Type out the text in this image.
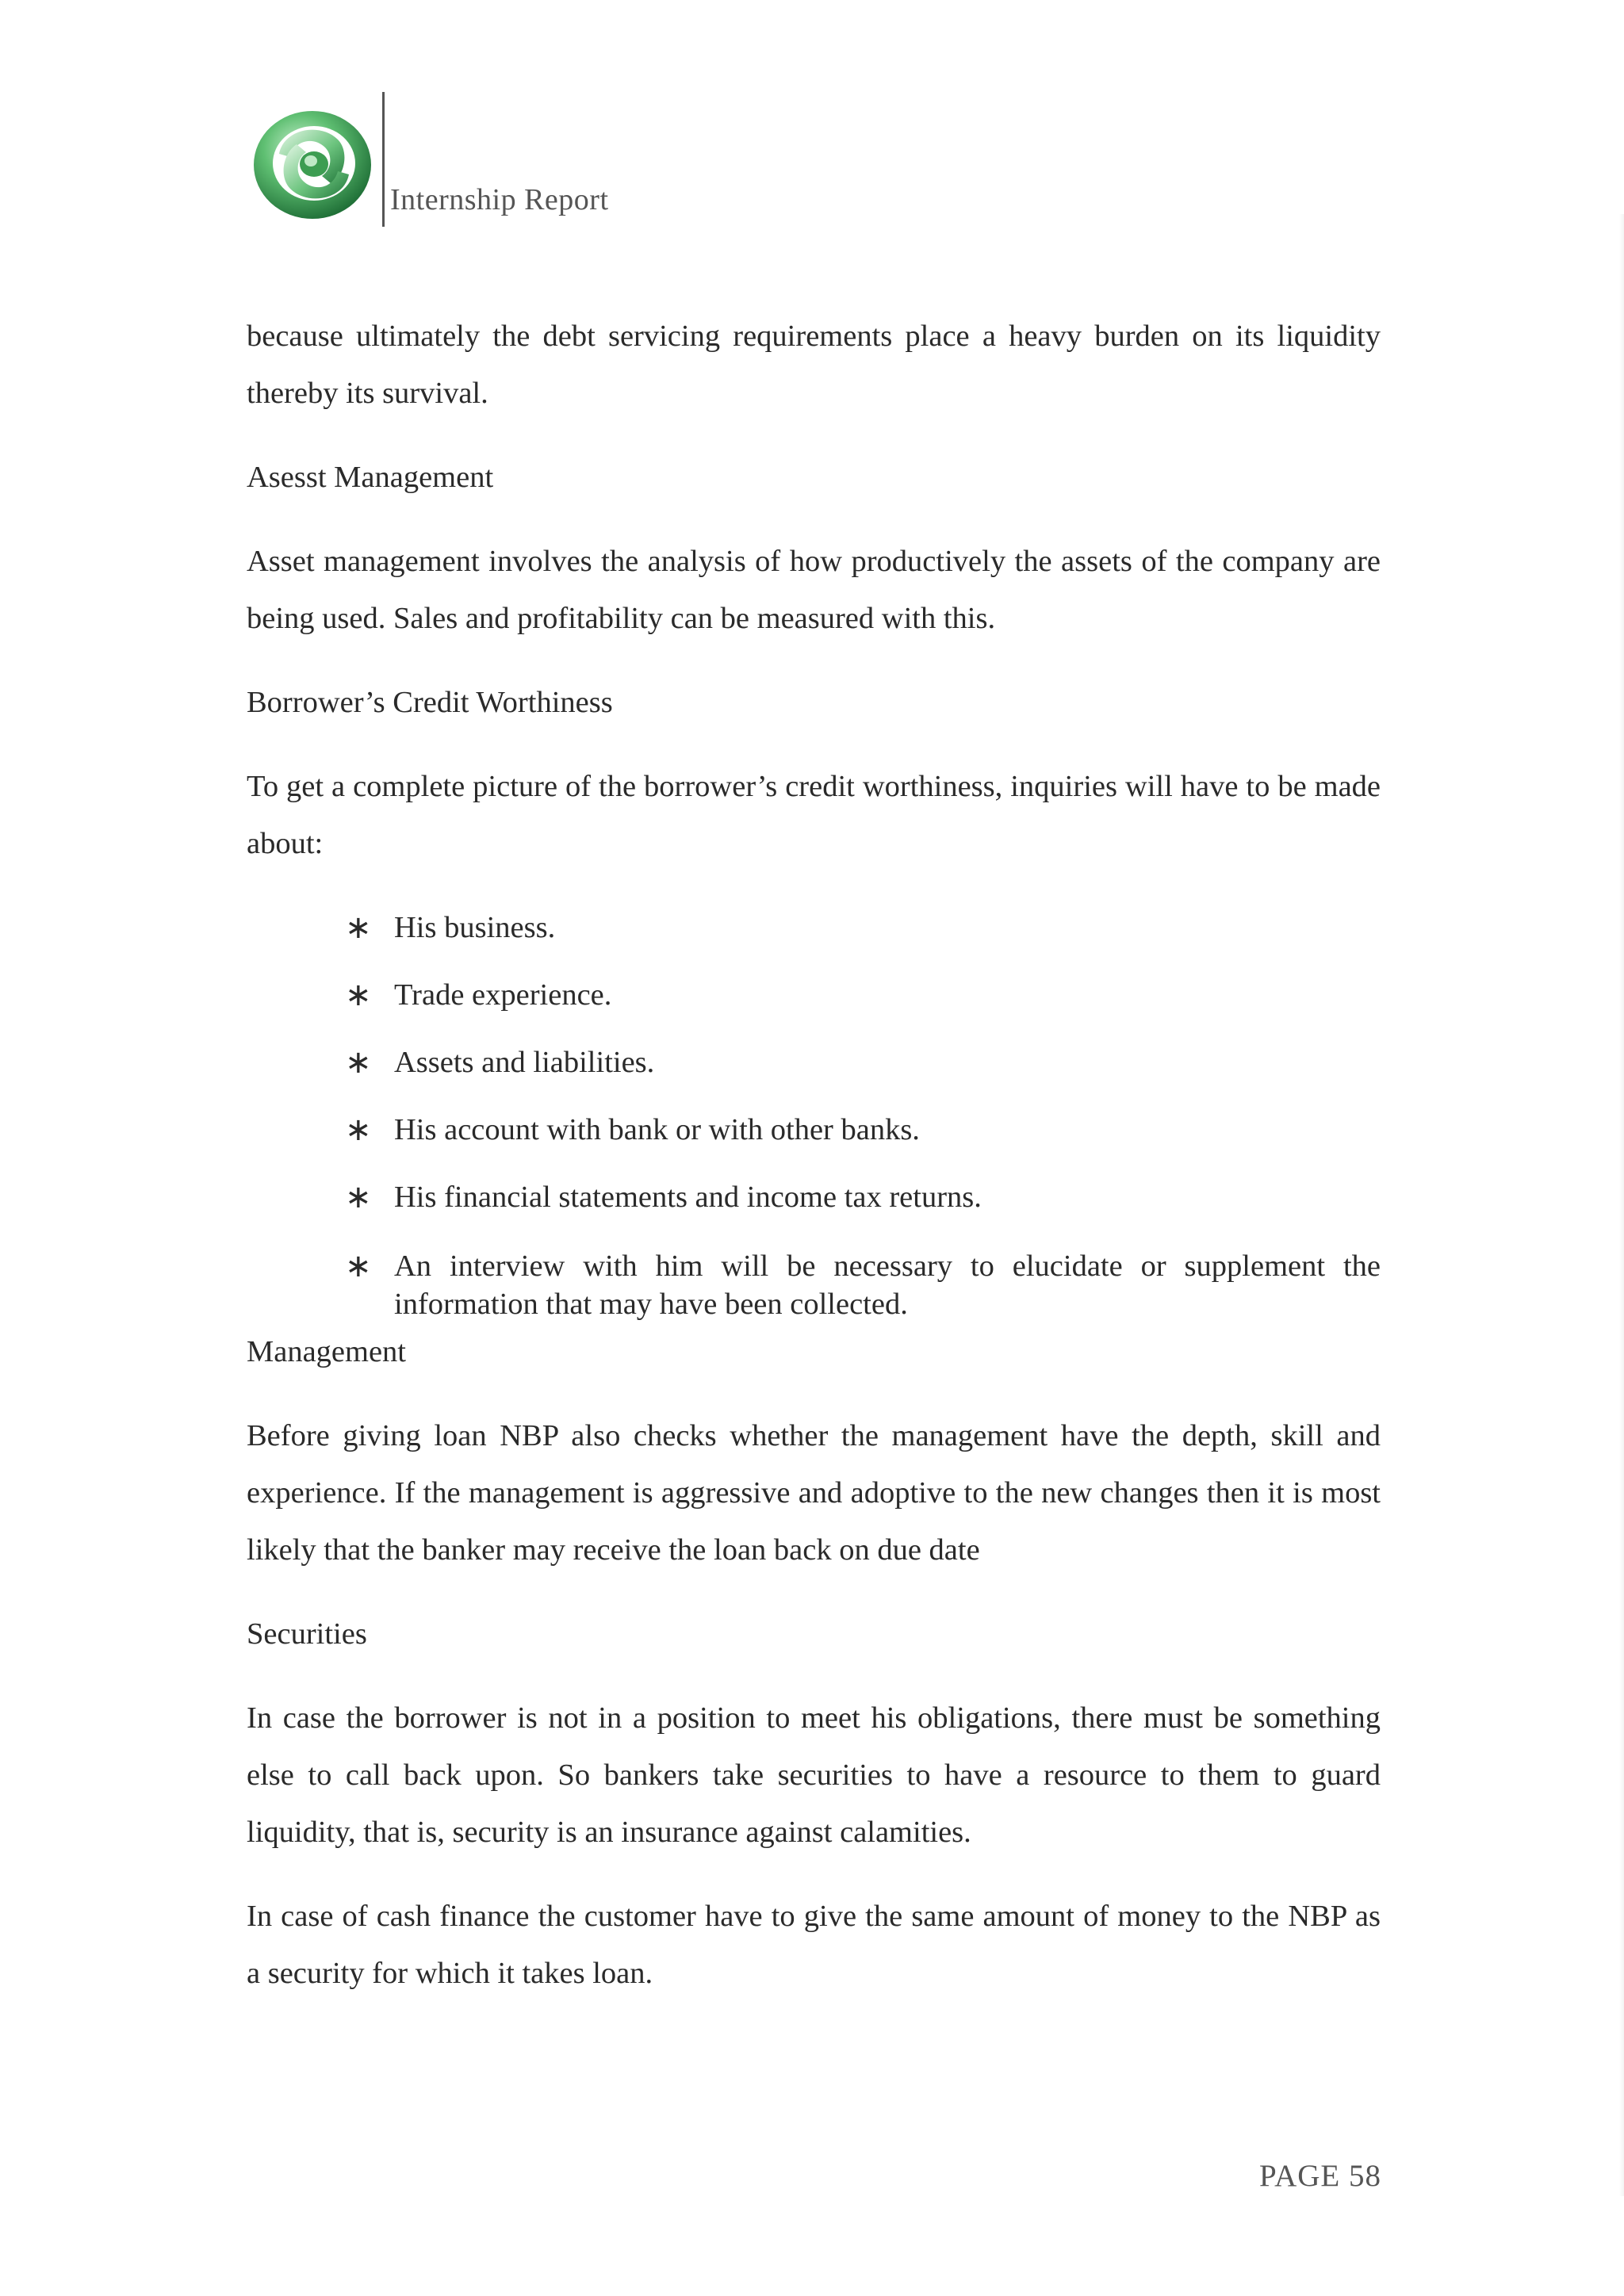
Internship Report

because ultimately the debt servicing requirements place a heavy burden on its liquidity thereby its survival.

Asesst Management

Asset management involves the analysis of how productively the assets of the company are being used. Sales and profitability can be measured with this.

Borrower’s Credit Worthiness

To get a complete picture of the borrower’s credit worthiness, inquiries will have to be made about:

∗ His business.
∗ Trade experience.
∗ Assets and liabilities.
∗ His account with bank or with other banks.
∗ His financial statements and income tax returns.
∗ An interview with him will be necessary to elucidate or supplement the information that may have been collected.

Management

Before giving loan NBP also checks whether the management have the depth, skill and experience. If the management is aggressive and adoptive to the new changes then it is most likely that the banker may receive the loan back on due date

Securities

In case the borrower is not in a position to meet his obligations, there must be something else to call back upon. So bankers take securities to have a resource to them to guard liquidity, that is, security is an insurance against calamities.

In case of cash finance the customer have to give the same amount of money to the NBP as a security for which it takes loan.

PAGE 58
